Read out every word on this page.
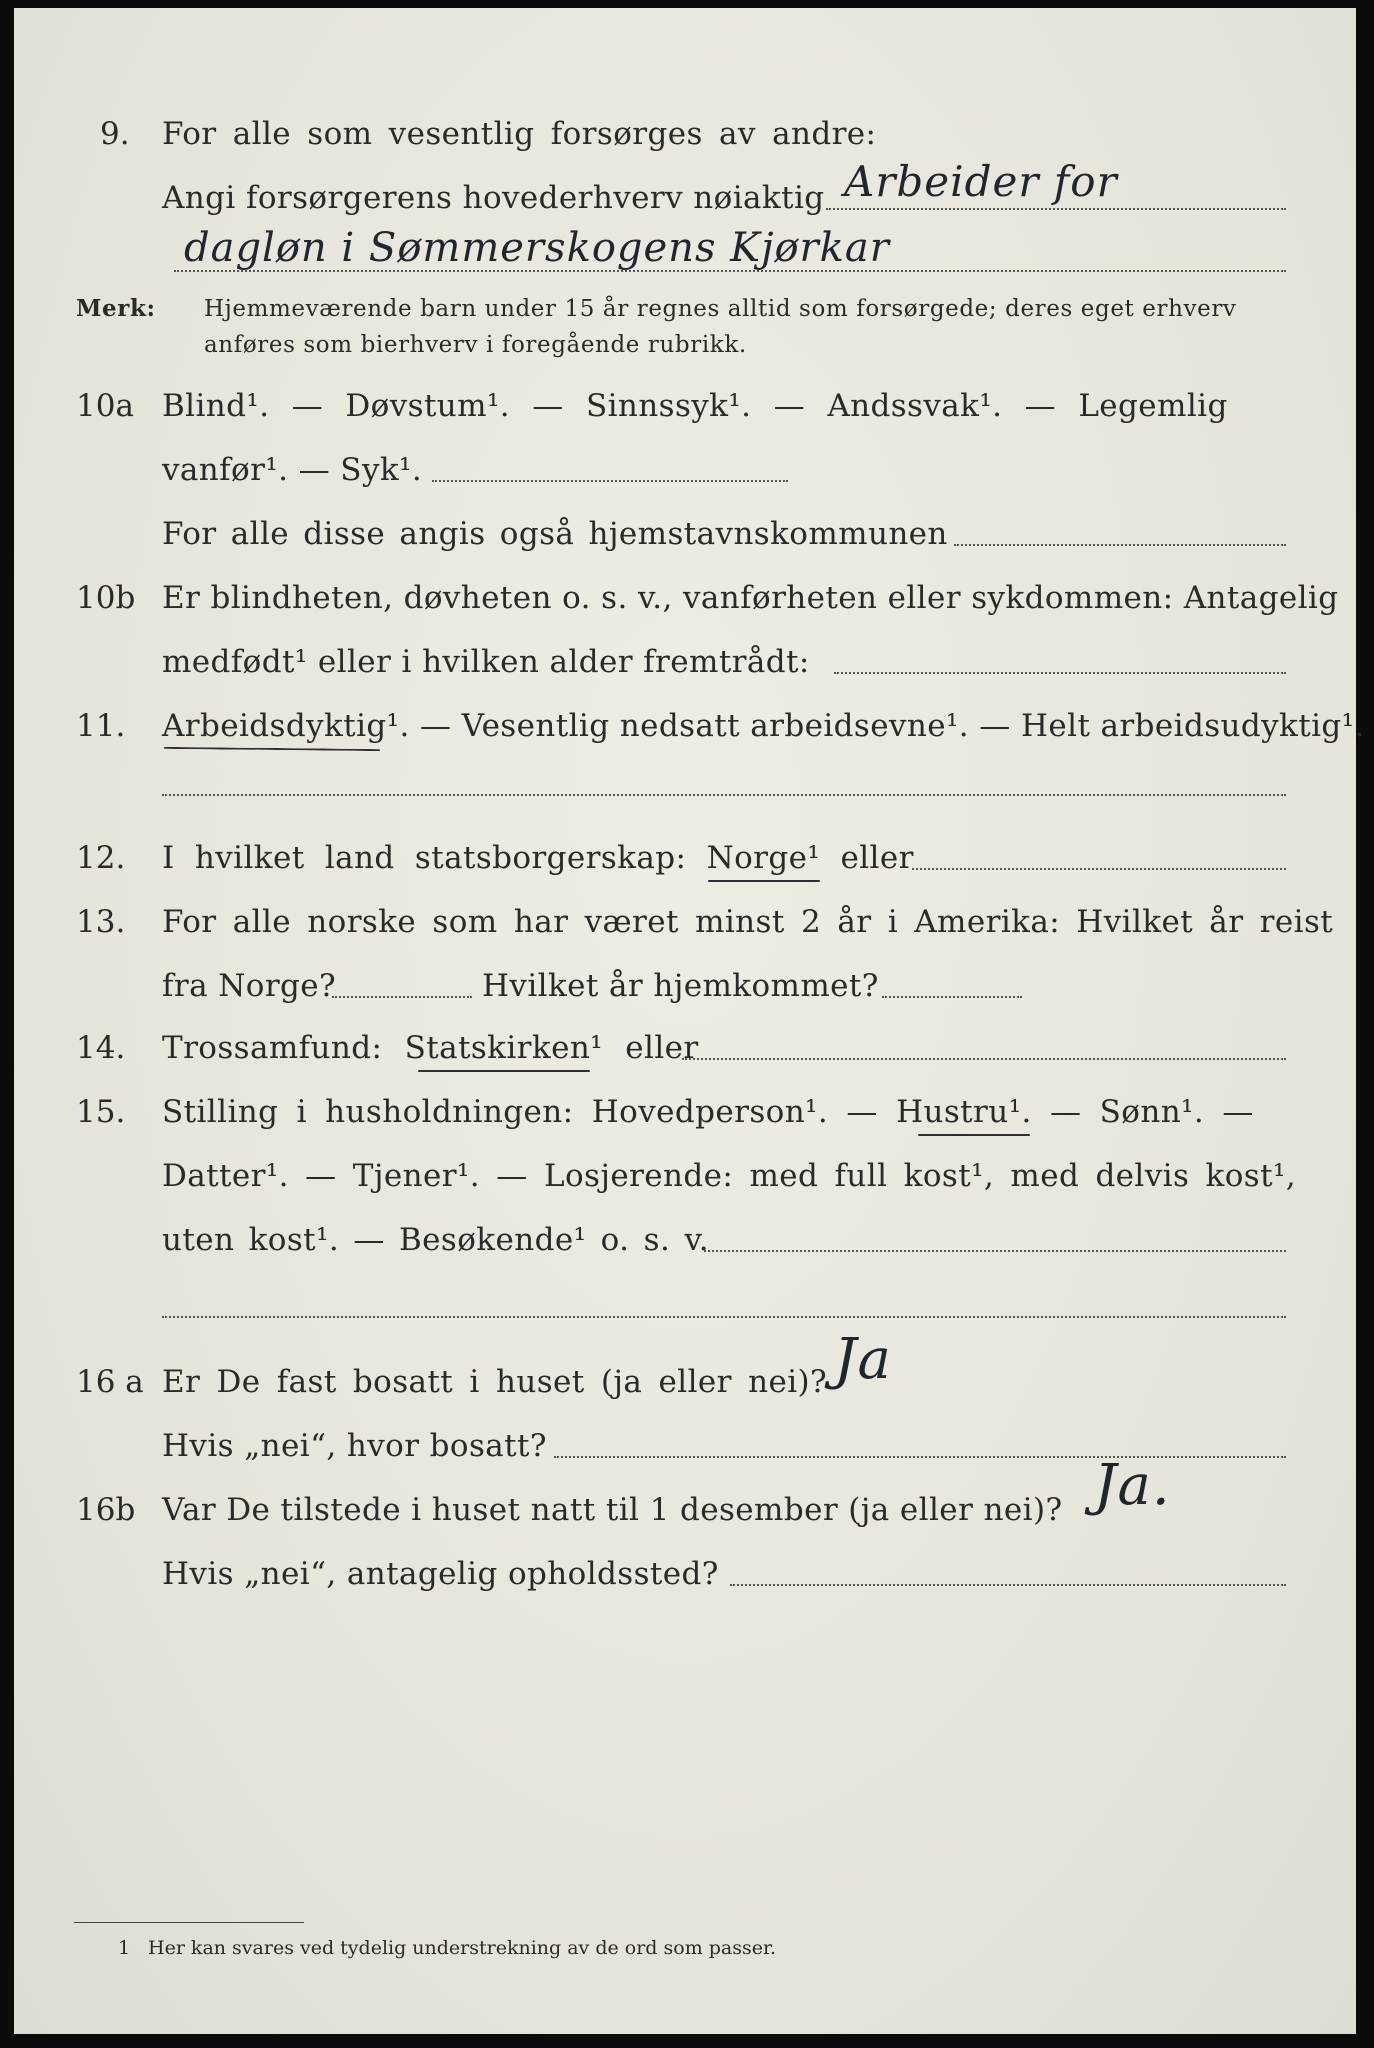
9. For alle som vesentlig forsørges av andre:
Angi forsørgerens hovederhverv nøiaktig Arbeider for
dagløn i Sømmerskogens Kjørkar
Merk: Hjemmeværende barn under 15 år regnes alltid som forsørgede; deres eget erhverv
anføres som bierhverv i foregående rubrikk.
10a Blind¹. — Døvstum¹. — Sinnssyk¹. — Andssvak¹. — Legemlig
vanfør¹. — Syk¹.
For alle disse angis også hjemstavnskommunen
10b Er blindheten, døvheten o. s. v., vanførheten eller sykdommen: Antagelig
medfødt¹ eller i hvilken alder fremtrådt:
11. Arbeidsdyktig¹. — Vesentlig nedsatt arbeidsevne¹. — Helt arbeidsudyktig¹.
12. I hvilket land statsborgerskap: Norge¹ eller
13. For alle norske som har været minst 2 år i Amerika: Hvilket år reist
fra Norge?	Hvilket år hjemkommet?
14. Trossamfund: Statskirken¹ eller
15. Stilling i husholdningen: Hovedperson¹. — Hustru¹. — Sønn¹. —
Datter¹. — Tjener¹. — Losjerende: med full kost¹, med delvis kost¹,
uten kost¹. — Besøkende¹ o. s. v.
16 a Er De fast bosatt i huset (ja eller nei)? Ja
Hvis „nei“, hvor bosatt?
16b Var De tilstede i huset natt til 1 desember (ja eller nei)? Ja.
Hvis „nei“, antagelig opholdssted?
1 Her kan svares ved tydelig understrekning av de ord som passer.
